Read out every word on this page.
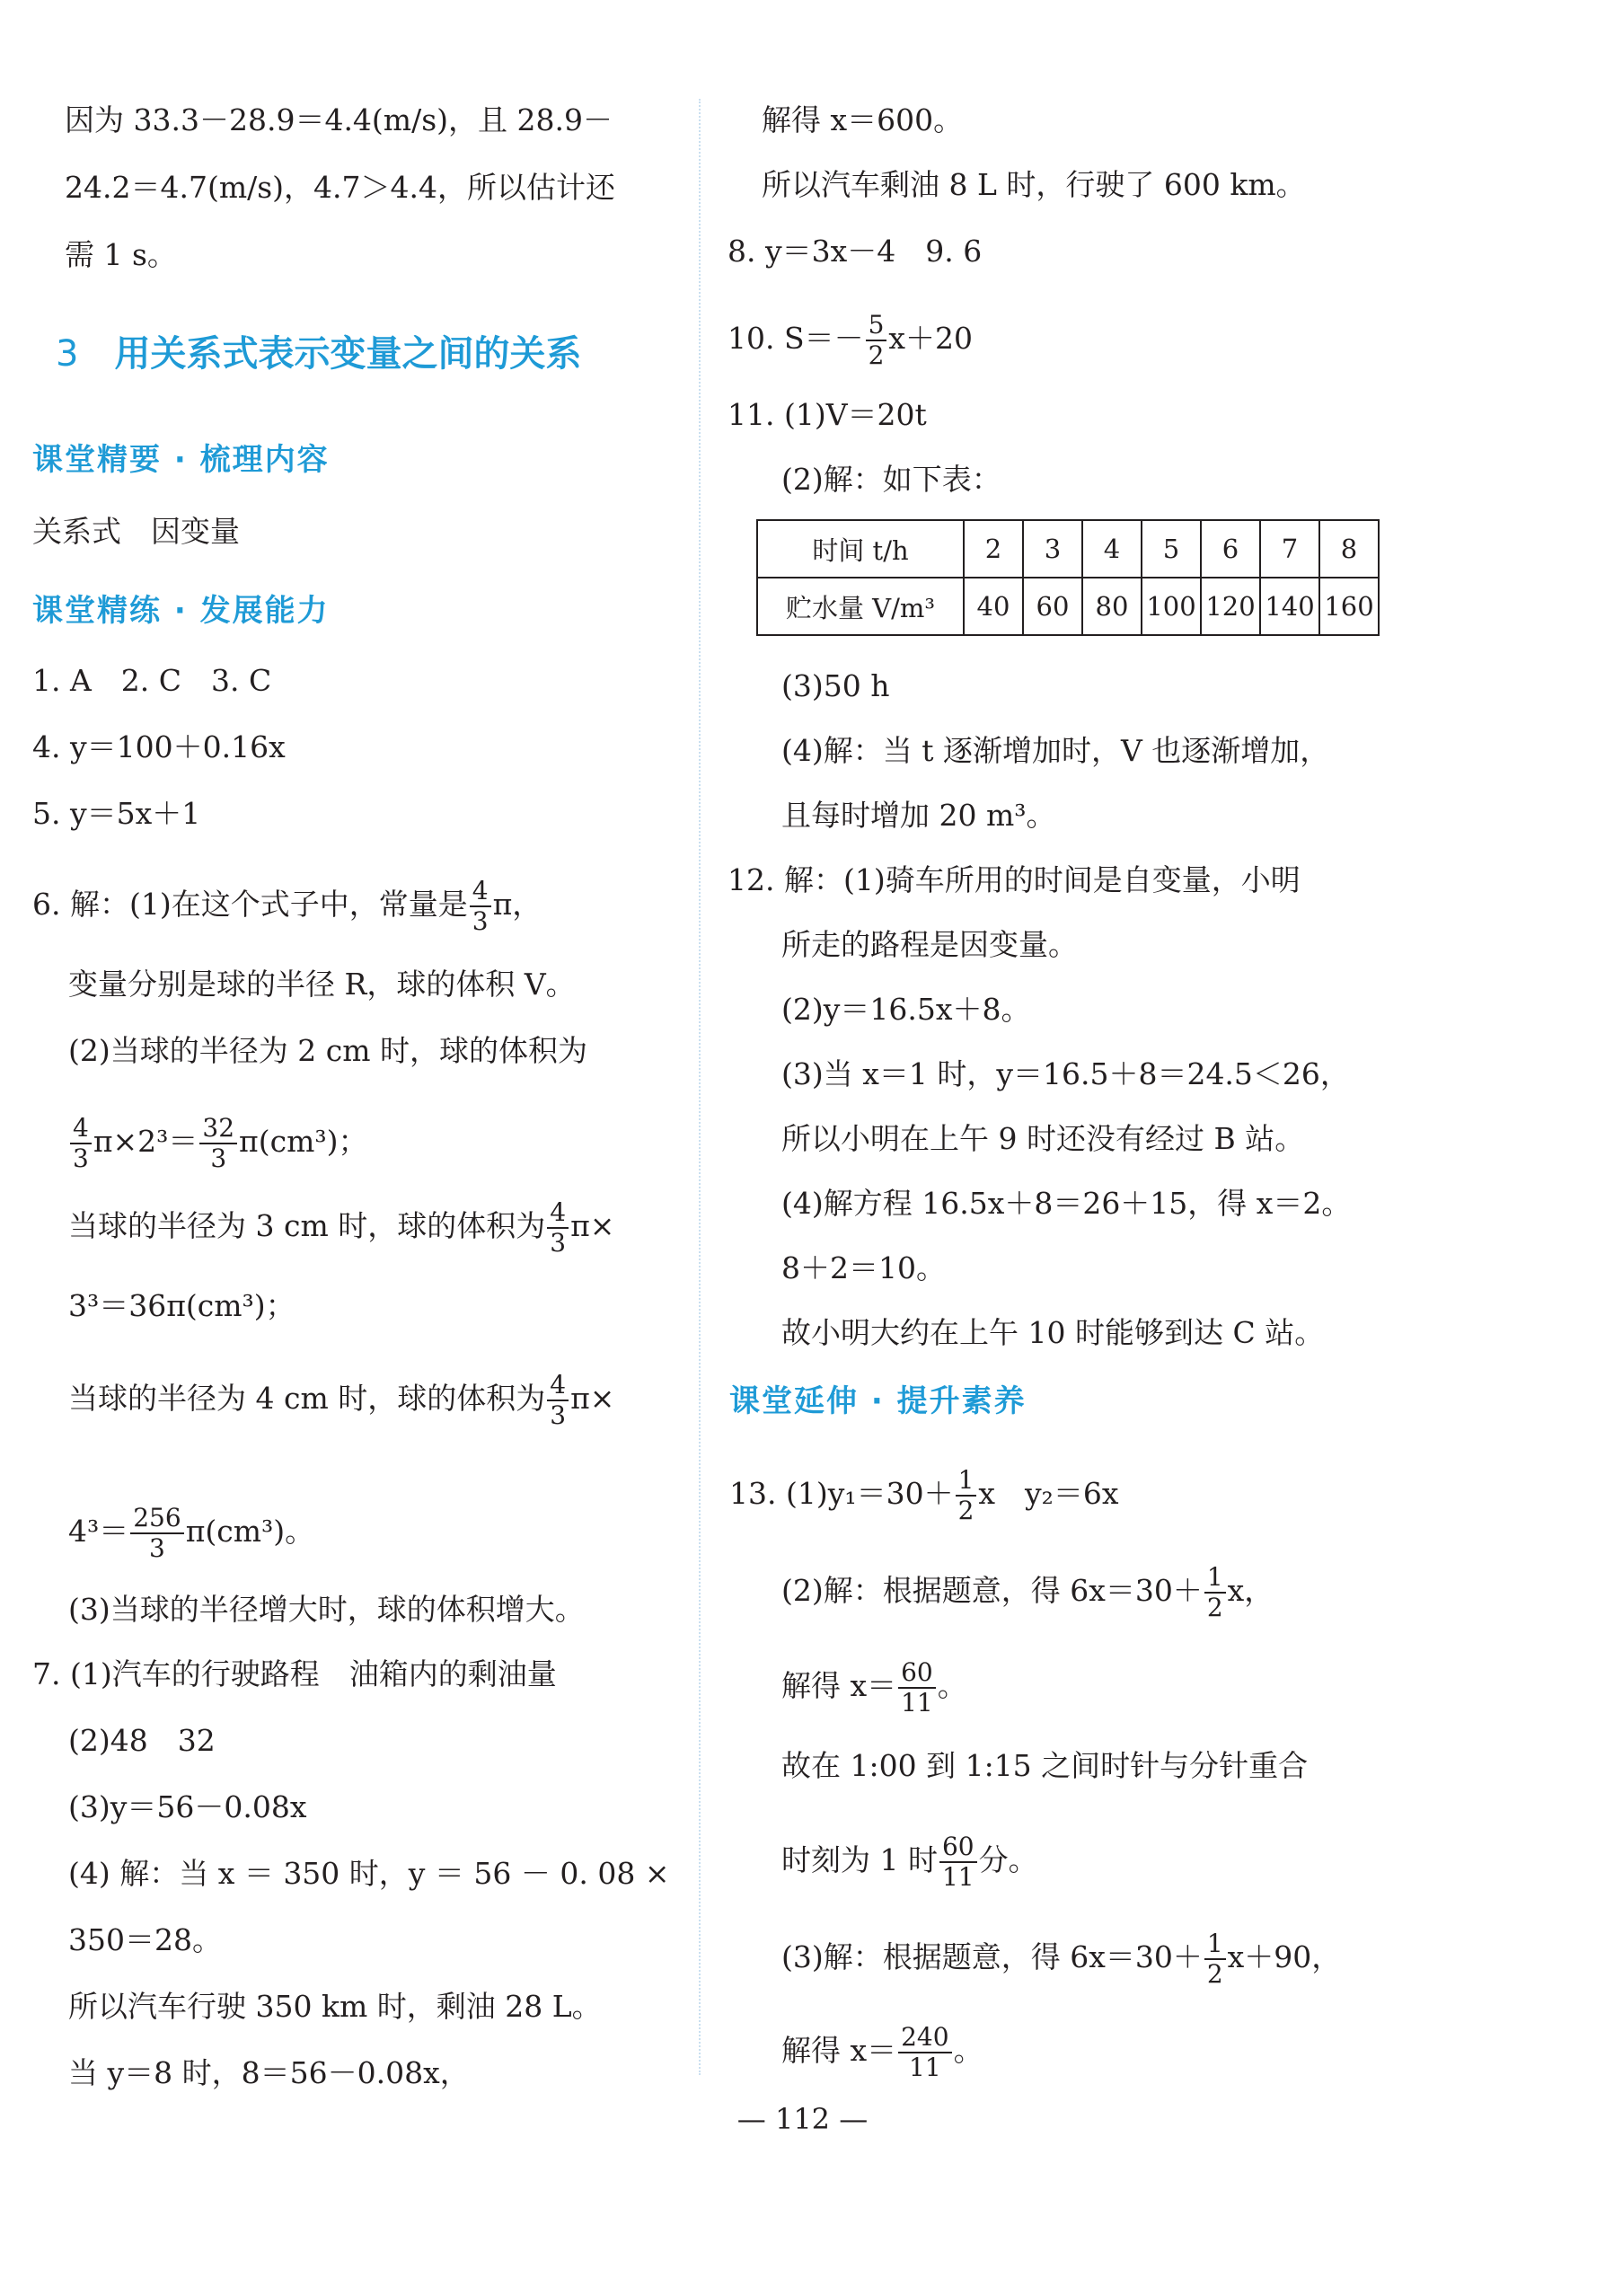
因为 33.3－28.9＝4.4(m/s)，且 28.9－
24.2＝4.7(m/s)，4.7＞4.4，所以估计还
需 1 s。
3 用关系式表示变量之间的关系
课堂精要 · 梳理内容
关系式　因变量
课堂精练 · 发展能力
1. A　2. C　3. C
4. y＝100＋0.16x
5. y＝5x＋1
6. 解：(1)在这个式子中，常量是 $\frac{4}{3}$ π，
变量分别是球的半径 R，球的体积 V。
(2)当球的半径为 2 cm 时，球的体积为
$\frac{4}{3} \pi\times 2^3= \frac{32}{3} \pi(cm^3)$；
当球的半径为 3 cm 时，球的体积为 $\frac{4}{3} \pi\times$
3³＝36π(cm³)；
当球的半径为 4 cm 时，球的体积为 $\frac{4}{3} \pi\times$
$4^3= \frac{256}{3} \pi(cm^3)$。
(3)当球的半径增大时，球的体积增大。
7. (1)汽车的行驶路程　油箱内的剩油量
(2)48　32
(3)y＝56－0.08x
(4) 解：当 x ＝ 350 时，y ＝ 56 － 0. 08 ×
350＝28。
所以汽车行驶 350 km 时，剩油 28 L。
当 y＝8 时，8＝56－0.08x，
解得 x＝600。
所以汽车剩油 8 L 时，行驶了 600 km。
8. y＝3x－4　9. 6
10. $S=- \frac{5}{2} x+20$
11. (1)V＝20t
(2)解：如下表：
时间 t/h	2	3	4	5	6	7	8
贮水量 V/m³	40	60	80	100	120	140	160
(3)50 h
(4)解：当 t 逐渐增加时，V 也逐渐增加，
且每时增加 20 m³。
12. 解：(1)骑车所用的时间是自变量，小明
所走的路程是因变量。
(2)y＝16.5x＋8。
(3)当 x＝1 时，y＝16.5＋8＝24.5＜26，
所以小明在上午 9 时还没有经过 B 站。
(4)解方程 16.5x＋8＝26＋15，得 x＝2。
8＋2＝10。
故小明大约在上午 10 时能够到达 C 站。
课堂延伸 · 提升素养
13. $(1)y_1=30+ \frac{1}{2}$ x　y₂＝6x
(2)解：根据题意，得 $6x=30+ \frac{1}{2}$ x，
解得 $x= \frac{60}{11}$ 。
故在 1:00 到 1:15 之间时针与分针重合
时刻为 1 时 $\frac{60}{11}$ 分。
(3)解：根据题意，得 $6x=30+ \frac{1}{2} x+90$，
解得 $x= \frac{240}{11}$ 。
— 112 —
